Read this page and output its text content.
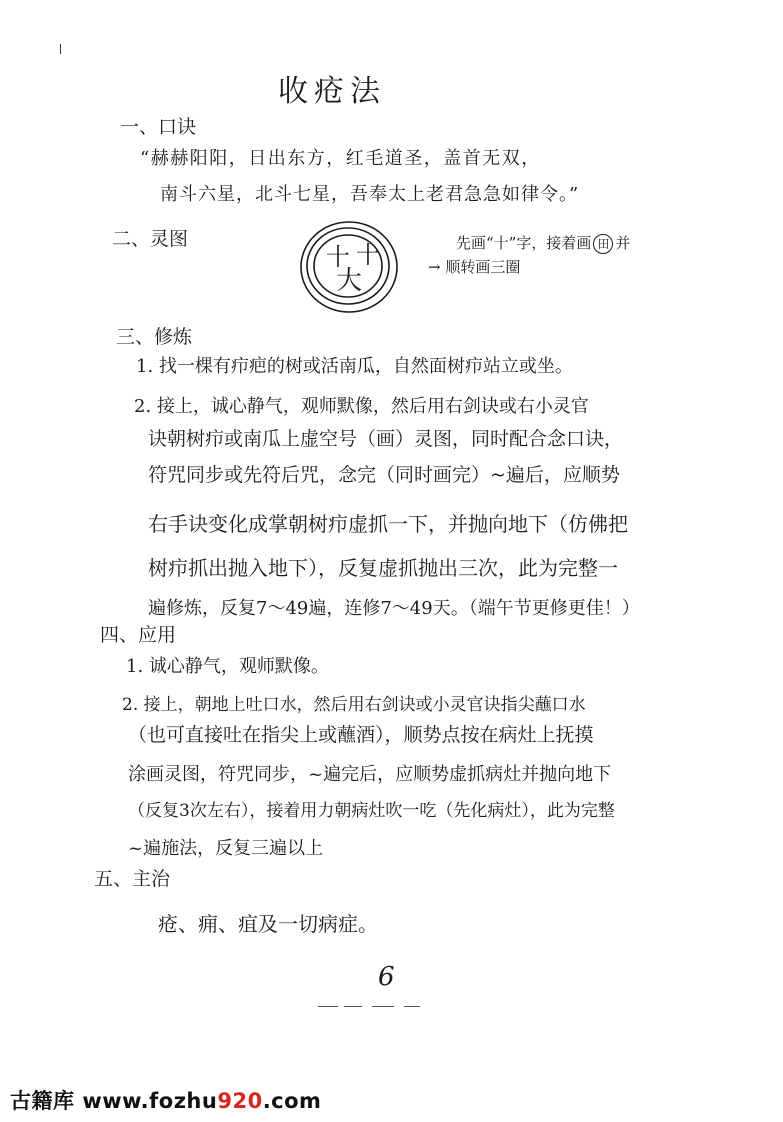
收疮法
一、口诀
“赫赫阳阳，日出东方，红毛道圣，盖首无双，
南斗六星，北斗七星，吾奉太上老君急急如律令。”
二、灵图
十 十
大
先画“十”字，接着画 田 并
→ 顺转画三圈
三、修炼
1. 找一棵有疖疤的树或活南瓜，自然面树疖站立或坐。
2. 接上，诚心静气，观师默像，然后用右剑诀或右小灵官
诀朝树疖或南瓜上虚空号（画）灵图，同时配合念口诀，
符咒同步或先符后咒，念完（同时画完）~遍后，应顺势
右手诀变化成掌朝树疖虚抓一下，并抛向地下（仿佛把
树疖抓出抛入地下），反复虚抓抛出三次，此为完整一
遍修炼，反复7～49遍，连修7～49天。（端午节更修更佳！）
四、应用
1. 诚心静气，观师默像。
2. 接上，朝地上吐口水，然后用右剑诀或小灵官诀指尖蘸口水
（也可直接吐在指尖上或蘸酒），顺势点按在病灶上抚摸
涂画灵图，符咒同步，~遍完后，应顺势虚抓病灶并抛向地下
（反复3次左右），接着用力朝病灶吹一吃（先化病灶），此为完整
~遍施法，反复三遍以上
五、主治
疮、痈、疽及一切病症。
6
古籍库 www.fozhu920.com
